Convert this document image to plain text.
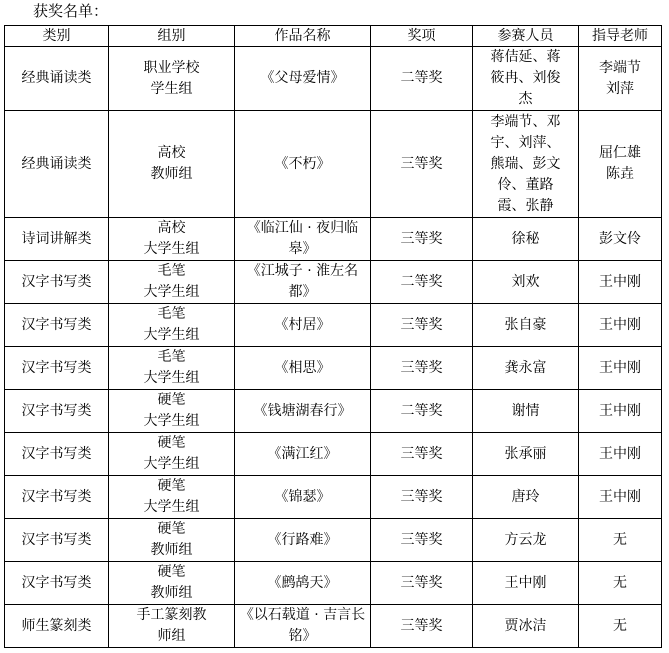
获奖名单：
类别	组别	作品名称	奖项	参赛人员	指导老师
经典诵读类	职业学校
学生组	《父母爱情》	二等奖	蒋佶延、蒋
筱冉、刘俊
杰	李端节
刘萍
经典诵读类	高校
教师组	《不朽》	三等奖	李端节、邓
宇、刘萍、
熊瑞、彭文
伶、董路
霞、张静	屈仁雄
陈垚
诗词讲解类	高校
大学生组	《临江仙 · 夜归临
皋》	三等奖	徐秘	彭文伶
汉字书写类	毛笔
大学生组	《江城子 · 淮左名
都》	二等奖	刘欢	王中刚
汉字书写类	毛笔
大学生组	《村居》	三等奖	张自豪	王中刚
汉字书写类	毛笔
大学生组	《相思》	三等奖	龚永富	王中刚
汉字书写类	硬笔
大学生组	《钱塘湖春行》	二等奖	谢情	王中刚
汉字书写类	硬笔
大学生组	《满江红》	三等奖	张承丽	王中刚
汉字书写类	硬笔
大学生组	《锦瑟》	三等奖	唐玲	王中刚
汉字书写类	硬笔
教师组	《行路难》	三等奖	方云龙	无
汉字书写类	硬笔
教师组	《鹧鸪天》	三等奖	王中刚	无
师生篆刻类	手工篆刻教
师组	《以石载道 · 吉言长
铭》	三等奖	贾冰洁	无
